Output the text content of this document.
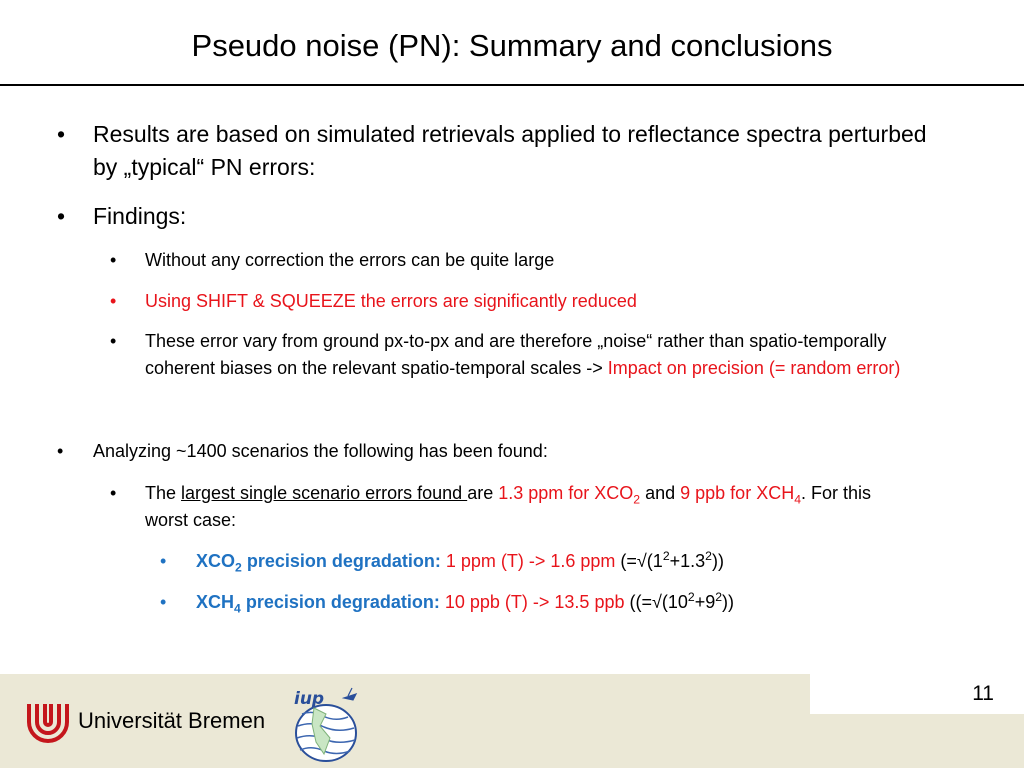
Pseudo noise (PN): Summary and conclusions
• Results are based on simulated retrievals applied to reflectance spectra perturbed by „typical“ PN errors:
• Findings:
• Without any correction the errors can be quite large
• Using SHIFT & SQUEEZE the errors are significantly reduced
• These error vary from ground px-to-px and are therefore „noise“ rather than spatio-temporally coherent biases on the relevant spatio-temporal scales -> Impact on precision (= random error)
• Analyzing ~1400 scenarios the following has been found:
• The largest single scenario errors found are 1.3 ppm for $XCO_2$ and 9 ppb for $XCH_4$. For this worst case:
• $XCO_2$ precision degradation: 1 ppm (T) -> 1.6 ppm $(=√(1^2+1.3^2))$
• $XCH_4$ precision degradation: 10 ppb (T) -> 13.5 ppb ($(=√(10^2+9^2))$
11
Universität Bremen
iup
